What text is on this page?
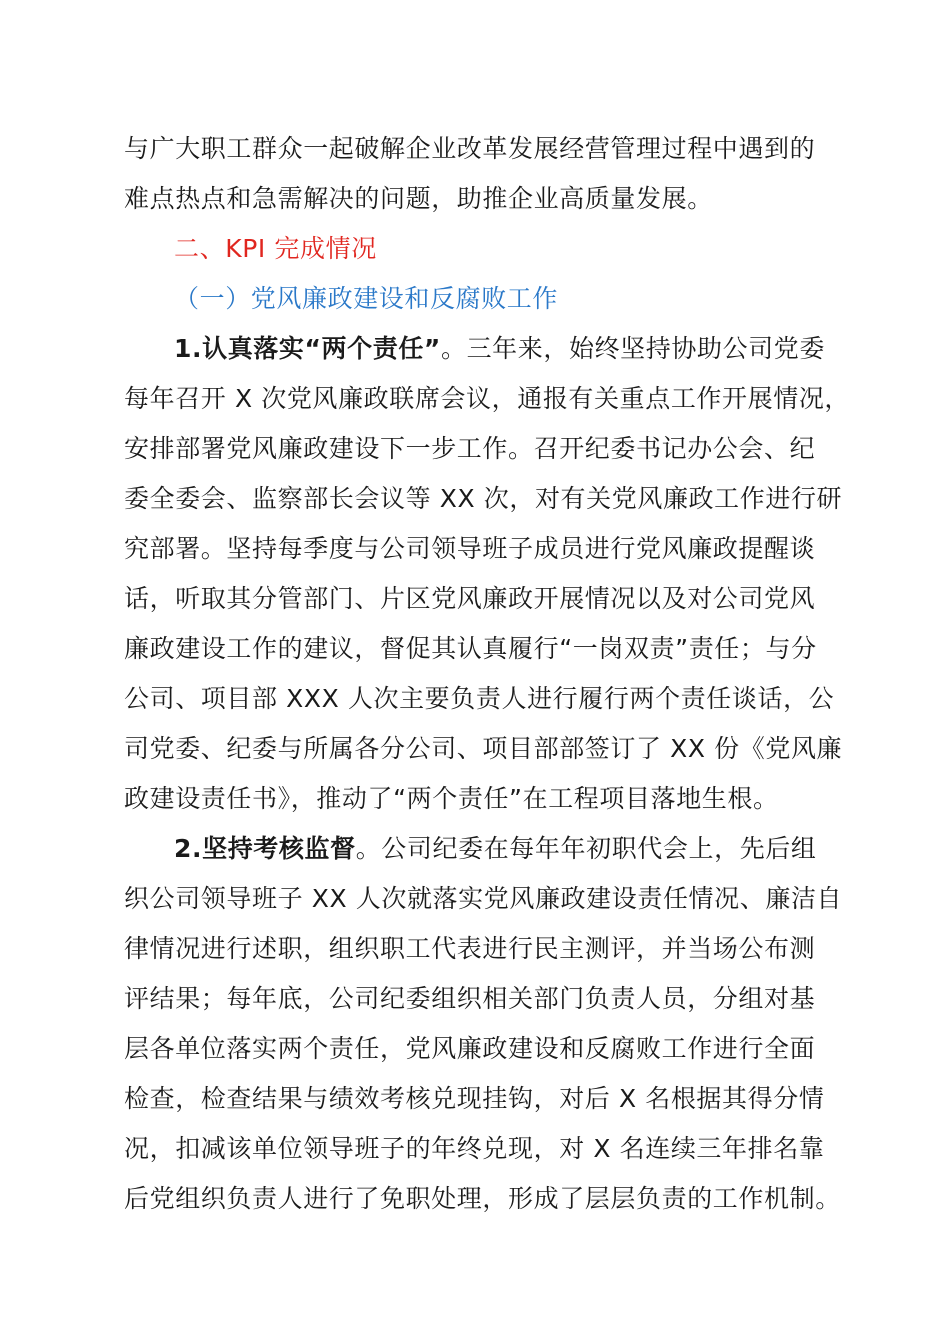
与广大职工群众一起破解企业改革发展经营管理过程中遇到的
难点热点和急需解决的问题，助推企业高质量发展。
二、KPI 完成情况
（一）党风廉政建设和反腐败工作
1.认真落实“两个责任”。三年来，始终坚持协助公司党委
每年召开 X 次党风廉政联席会议，通报有关重点工作开展情况，
安排部署党风廉政建设下一步工作。召开纪委书记办公会、纪
委全委会、监察部长会议等 XX 次，对有关党风廉政工作进行研
究部署。坚持每季度与公司领导班子成员进行党风廉政提醒谈
话，听取其分管部门、片区党风廉政开展情况以及对公司党风
廉政建设工作的建议，督促其认真履行“一岗双责”责任；与分
公司、项目部 XXX 人次主要负责人进行履行两个责任谈话，公
司党委、纪委与所属各分公司、项目部部签订了 XX 份《党风廉
政建设责任书》，推动了“两个责任”在工程项目落地生根。
2.坚持考核监督。公司纪委在每年年初职代会上，先后组
织公司领导班子 XX 人次就落实党风廉政建设责任情况、廉洁自
律情况进行述职，组织职工代表进行民主测评，并当场公布测
评结果；每年底，公司纪委组织相关部门负责人员，分组对基
层各单位落实两个责任，党风廉政建设和反腐败工作进行全面
检查，检查结果与绩效考核兑现挂钩，对后 X 名根据其得分情
况，扣减该单位领导班子的年终兑现，对 X 名连续三年排名靠
后党组织负责人进行了免职处理，形成了层层负责的工作机制。
